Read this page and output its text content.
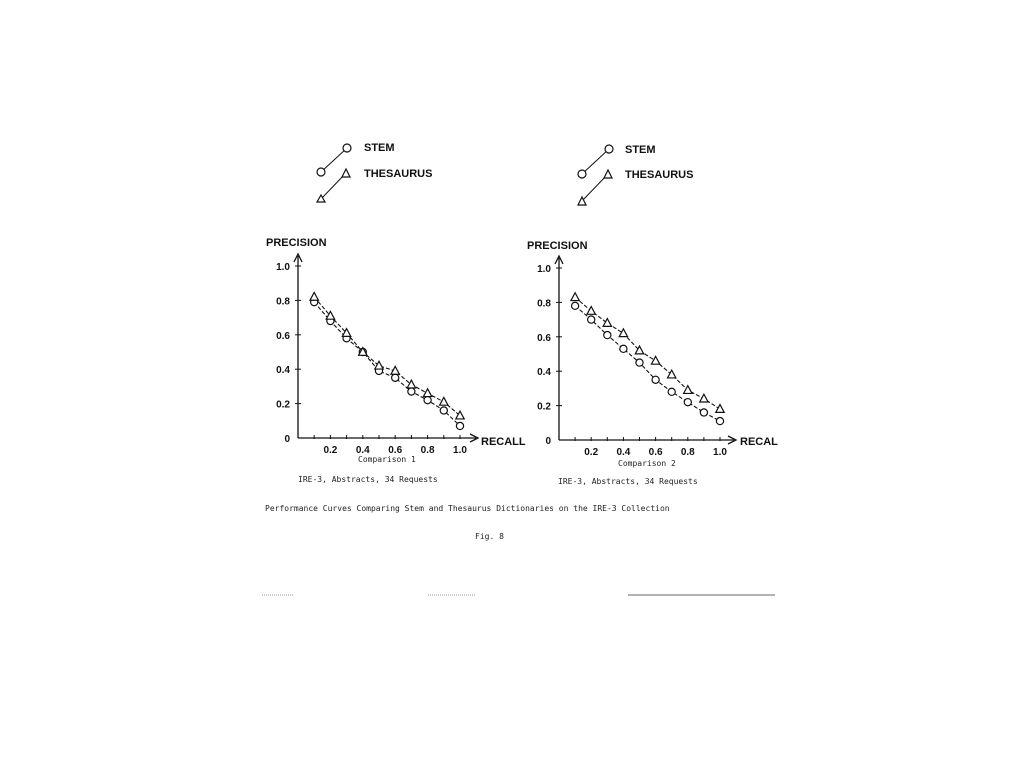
STEM
THESAURUS
STEM
THESAURUS
PRECISION
RECALL
0
0.2
0.4
0.6
0.8
1.0
0.2 0.4 0.6 0.8 1.0
Comparison 1
IRE-3, Abstracts, 34 Requests
PRECISION
RECAL
0
0.2
0.4
0.6
0.8
1.0
0.2 0.4 0.6 0.8 1.0
Comparison 2
IRE-3, Abstracts, 34 Requests
Performance Curves Comparing Stem and Thesaurus Dictionaries on the IRE-3 Collection
Fig. 8
